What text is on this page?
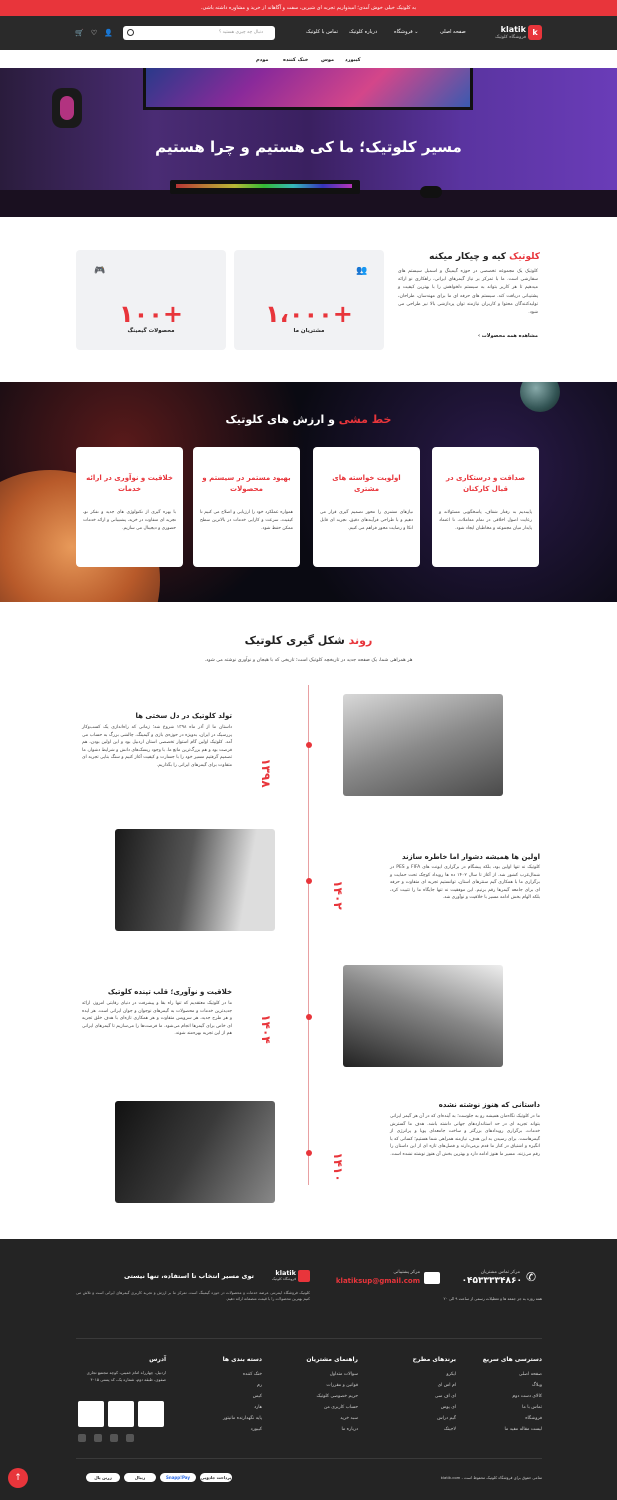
به کلوتیک خیلی خوش آمدی؛ امیدواریم تجربه ای شیرین، سفت و آگاهانه از خرید و مشاوره داشته باشی.
k
klatik
فروشگاه کلوتیک
صفحه اصلی
فروشگاه ⌄
درباره کلوتیک
تماس با کلوتیک
دنبال چه چیزی هستید ؟
👤
♡
🛒
کیبورد
موس
خنک کننده
مودم
مسیر کلوتیک؛ ما کی هستیم و چرا هستیم
کلوتیک کیه و چیکار میکنه
کلوتیک یک مجموعه تخصصی در حوزه گیمینگ و اسمبل سیستم های سفارشی است. ما با تمرکز بر نیاز گیمرهای ایرانی، راهکاری نو ارائه میدهیم تا هر کاربر بتواند به سیستم دلخواهش را با بهترین کیفیت و پشتیبانی دریافت کند. سیستم های حرفه ای ما برای مهندسان، طراحان، تولیدکنندگان محتوا و کاربران نیازمند توان پردازشی بالا نیز طراحی می شود.
مشاهده همه محصولات ›
👥
۱،۰۰۰+
مشتریان ما
🎮
۱۰۰+
محصولات گیمینگ
خط مشی و ارزش های کلوتیک
صداقت و درستکاری در قبال کارکنان
پایبندیم به رفتار شفاف، پاسخگویی مسئولانه و رعایت اصول اخلاقی در تمام معاملات، تا اعتماد پایدار میان مجموعه و مخاطبان ایجاد شود.
اولویت خواسته های مشتری
نیازهای مشتری را محور تصمیم گیری قرار می دهیم و با طراحی فرآیندهای دقیق، تجربه ای قابل اتکا و رضایت محور فراهم می کنیم.
بهبود مستمر در سیستم و محصولات
همواره عملکرد خود را ارزیابی و اصلاح می کنیم تا کیفیت، سرعت و کارایی خدمات در بالاترین سطح ممکن حفظ شود.
خلاقیت و نوآوری در ارائه خدمات
با بهره گیری از تکنولوژی های جدید و تفکر نو، تجربه ای متفاوت در خرید، پشتیبانی و ارائه خدمات حضوری و دیجیتال می سازیم.
روند شکل گیری کلوتیک
هر همراهی شما، یک صفحه جدید در تاریخچه کلوتیک است؛ تاریخی که با هیجان و نوآوری نوشته می شود.
تولد کلوتیک در دل سختی ها
داستان ما از آذر ماه ۱۳۹۸ شروع شد؛ زمانی که راه‌اندازی یک کسب‌وکار پررسیک در ایران، به‌ویژه در حوزه‌ی بازی و گیمینگ، چالشی بزرگ به حساب می آمد. کلوتیک اولین گام استوار تخصصی استان اردبیل بود و این اولین بودن، هم فرصت بود و هم بزرگ‌ترین مانع ما. با وجود ریسک‌های دانش و شرایط دشوار، ما تصمیم گرفتیم مسیر خود را با جسارت و کیفیت آغاز کنیم و سنگ بنایی تجربه ای متفاوت برای گیمرهای ایرانی را بگذاریم. ۱۳۹۸
اولین ها همیشه دشوار اما خاطره سازند
کلوتیک نه تنها اولین بود، بلکه پیشگام در برگزاری ایونت های FIFA و PES در شمال‌غرب کشور شد. از آغاز تا سال ۱۴۰۲ ده ها رویداد کوچک تحت حمایت و برگزاری ما با همکاری گیم سنترهای استان، توانستیم تجربه ای متفاوت و حرفه ای برای جامعه گیمرها رقم بزنیم. این موفقیت نه تنها جایگاه ما را تثبیت کرد، بلکه الهام بخش ادامه مسیر با خلاقیت و نوآوری شد.
۱۴۰۲
خلاقیت و نوآوری؛ قلب تپنده کلوتیک
ما در کلوتیک معتقدیم که تنها راه بقا و پیشرفت در دنیای رقابتی امروز، ارائه جدیدترین خدمات و محصولات به گیمرهای نوجوان و جوان ایرانی است. هر ایده و هر طرح جدید، هر سرویس متفاوت و هر همکاری تازه‌ای با هدف خلق تجربه ای خاص برای گیمرها انجام می‌شود. ما فرصت‌ها را می‌سازیم تا گیمرهای ایرانی هم از این تجربه بهره‌مند شوند. ۱۴۰۴
داستانی که هنوز نوشته نشده
ما در کلوتیک نگاه‌مان همیشه رو به جلوست؛ به آینده‌ای که در آن هر گیمر ایرانی بتواند تجربه ای در حد استانداردهای جهانی داشته باشد. هدف ما گسترش خدمات، برگزاری رویدادهای بزرگتر و ساخت جامعه‌ای پویا و پرانرژی از گیمرهاست. برای رسیدن به این هدف، نیازمند همراهی شما هستیم؛ کسانی که با انگیزه و اشتیاق در کنار ما قدم برمی‌دارند و فصل‌های تازه ای از این داستان را رقم می‌زنند. مسیر ما هنوز ادامه دارد و بهترین بخش آن هنوز نوشته نشده است.
۱۴۱۰
✆
مرکز تماس مشتریان
۰۴۵۳۳۳۳۴۸۶۰
مرکز پشتیبانی
klatiksup@gmail.com
همه روزه به جز جمعه ها و تعطیلات رسمی از ساعت ۹ الی ۲۰
klatik
فروشگاه کلوتیک
توی مسیر انتخاب تا استفاده، تنها نیستی
کلوتیک فروشگاه اینترنتی عرضه خدمات و محصولات در حوزه گیمینگ است. تمرکز ما بر ارزش و تجربه کاربری گیمرهای ایرانی است و تلاش می کنیم بهترین محصولات را با قیمت منصفانه ارائه دهیم.
دسترسی های سریع
صفحه اصلی
وبلاگ
کالای دست دوم
تماس با ما
فروشگاه
لیست مقاله مفید ما
برندهای مطرح
ایکرو
ام اس ای
ای اف سی
ای پوس
گیم دراس
لاجیتک
راهنمای مشتریان
سوالات متداول
قوانین و مقررات
حریم خصوصی کلوتیک
حساب کاربری من
سبد خرید
درباره ما
دسته بندی ها
خنک کننده
رم
کیس
هارد
پایه نگهدارنده مانیتور
کیبورد
آدرس
اردبیل، چهارراه امام خمینی، کوچه مجتمع تجاری صفوی، طبقه دوم، شماره یک، کد پستی ۴۰۱۵
تمامی حقوق برای فروشگاه کلوتیک محفوظ است - klatik.com
پرداخت جادویی
Snapp!Pay
زیبال
زرین پال
↑
